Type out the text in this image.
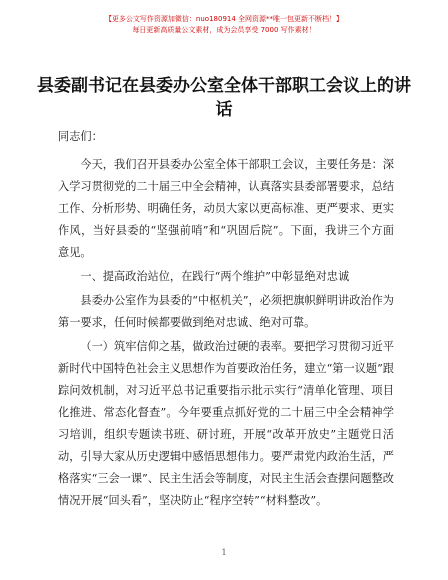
【更多公文写作资源加微信：nuo180914 全网资源**唯一包更新不断档！】
每日更新高质量公文素材，成为会员享受 7000 写作素材！
县委副书记在县委办公室全体干部职工会议上的讲话

同志们：

今天，我们召开县委办公室全体干部职工会议，主要任务是：深入学习贯彻党的二十届三中全会精神，认真落实县委部署要求，总结工作、分析形势、明确任务，动员大家以更高标准、更严要求、更实作风，当好县委的“坚强前哨”和“巩固后院”。下面，我讲三个方面意见。

一、提高政治站位，在践行“两个维护”中彰显绝对忠诚

县委办公室作为县委的“中枢机关”，必须把旗帜鲜明讲政治作为第一要求，任何时候都要做到绝对忠诚、绝对可靠。

（一）筑牢信仰之基，做政治过硬的表率。要把学习贯彻习近平新时代中国特色社会主义思想作为首要政治任务，建立“第一议题”跟踪问效机制，对习近平总书记重要指示批示实行“清单化管理、项目化推进、常态化督查”。今年要重点抓好党的二十届三中全会精神学习培训，组织专题读书班、研讨班，开展“改革开放史”主题党日活动，引导大家从历史逻辑中感悟思想伟力。要严肃党内政治生活，严格落实“三会一课”、民主生活会等制度，对民主生活会查摆问题整改情况开展“回头看”，坚决防止“程序空转”“材料整改”。

1
